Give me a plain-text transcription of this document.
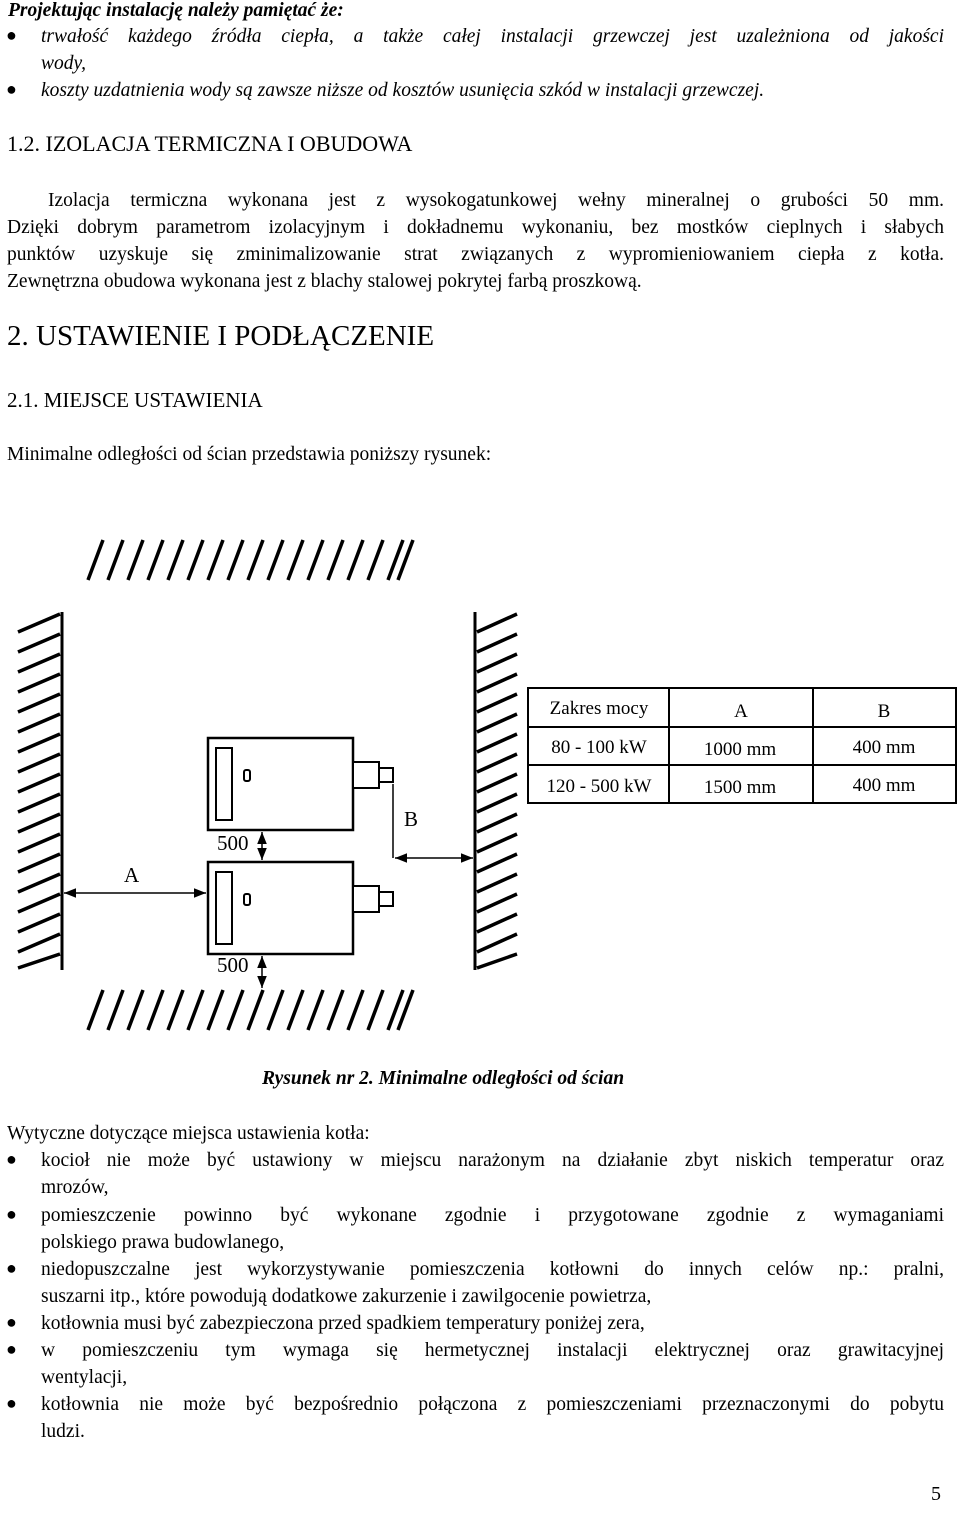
Projektując instalację należy pamiętać że:
● trwałość każdego źródła ciepła, a także całej instalacji grzewczej jest uzależniona od jakości
wody,
● koszty uzdatnienia wody są zawsze niższe od kosztów usunięcia szkód w instalacji grzewczej.
1.2. IZOLACJA TERMICZNA I OBUDOWA
Izolacja termiczna wykonana jest z wysokogatunkowej wełny mineralnej o grubości 50 mm.
Dzięki dobrym parametrom izolacyjnym i dokładnemu wykonaniu, bez mostków cieplnych i słabych
punktów uzyskuje się zminimalizowanie strat związanych z wypromieniowaniem ciepła z kotła.
Zewnętrzna obudowa wykonana jest z blachy stalowej pokrytej farbą proszkową.
2. USTAWIENIE I PODŁĄCZENIE
2.1. MIEJSCE USTAWIENIA
Minimalne odległości od ścian przedstawia poniższy rysunek:
A
B
500
500
Zakres mocy	A	B
80 - 100 kW	1000 mm	400 mm
120 - 500 kW	1500 mm	400 mm
Rysunek nr 2. Minimalne odległości od ścian
Wytyczne dotyczące miejsca ustawienia kotła:
● kocioł nie może być ustawiony w miejscu narażonym na działanie zbyt niskich temperatur oraz
mrozów,
● pomieszczenie powinno być wykonane zgodnie i przygotowane zgodnie z wymaganiami
polskiego prawa budowlanego,
● niedopuszczalne jest wykorzystywanie pomieszczenia kotłowni do innych celów np.: pralni,
suszarni itp., które powodują dodatkowe zakurzenie i zawilgocenie powietrza,
● kotłownia musi być zabezpieczona przed spadkiem temperatury poniżej zera,
● w pomieszczeniu tym wymaga się hermetycznej instalacji elektrycznej oraz grawitacyjnej
wentylacji,
● kotłownia nie może być bezpośrednio połączona z pomieszczeniami przeznaczonymi do pobytu
ludzi.
5
